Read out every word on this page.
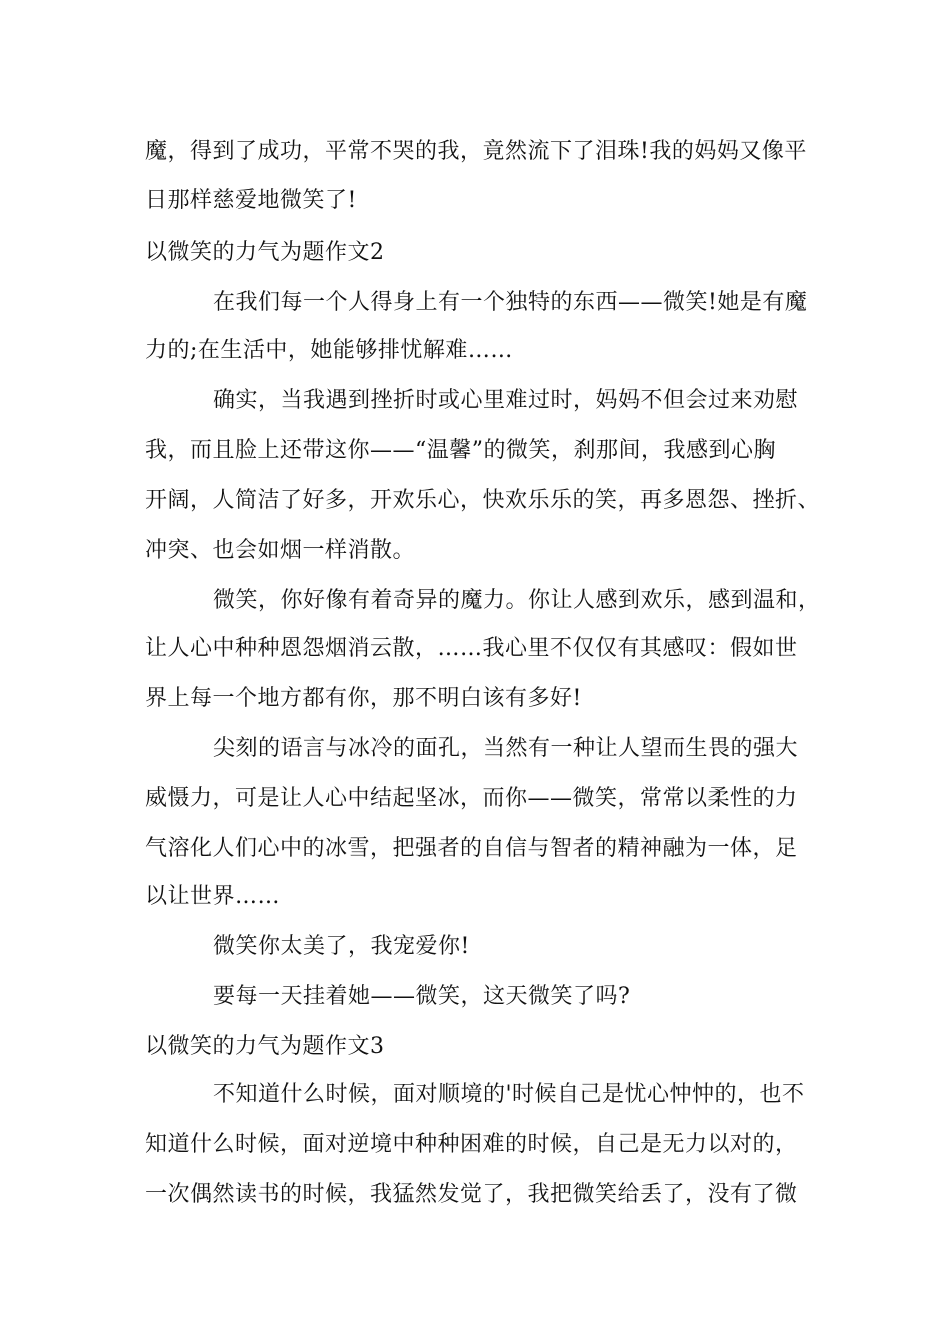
魔，得到了成功，平常不哭的我，竟然流下了泪珠!我的妈妈又像平
日那样慈爱地微笑了!
以微笑的力气为题作文2
在我们每一个人得身上有一个独特的东西——微笑!她是有魔
力的;在生活中，她能够排忧解难……
确实，当我遇到挫折时或心里难过时，妈妈不但会过来劝慰
我，而且脸上还带这你——“温馨”的微笑，刹那间，我感到心胸
开阔，人简洁了好多，开欢乐心，快欢乐乐的笑，再多恩怨、挫折、
冲突、也会如烟一样消散。
微笑，你好像有着奇异的魔力。你让人感到欢乐，感到温和，
让人心中种种恩怨烟消云散，……我心里不仅仅有其感叹：假如世
界上每一个地方都有你，那不明白该有多好!
尖刻的语言与冰冷的面孔，当然有一种让人望而生畏的强大
威慑力，可是让人心中结起坚冰，而你——微笑，常常以柔性的力
气溶化人们心中的冰雪，把强者的自信与智者的精神融为一体，足
以让世界……
微笑你太美了，我宠爱你!
要每一天挂着她——微笑，这天微笑了吗?
以微笑的力气为题作文3
不知道什么时候，面对顺境的'时候自己是忧心忡忡的，也不
知道什么时候，面对逆境中种种困难的时候，自己是无力以对的，
一次偶然读书的时候，我猛然发觉了，我把微笑给丢了，没有了微
